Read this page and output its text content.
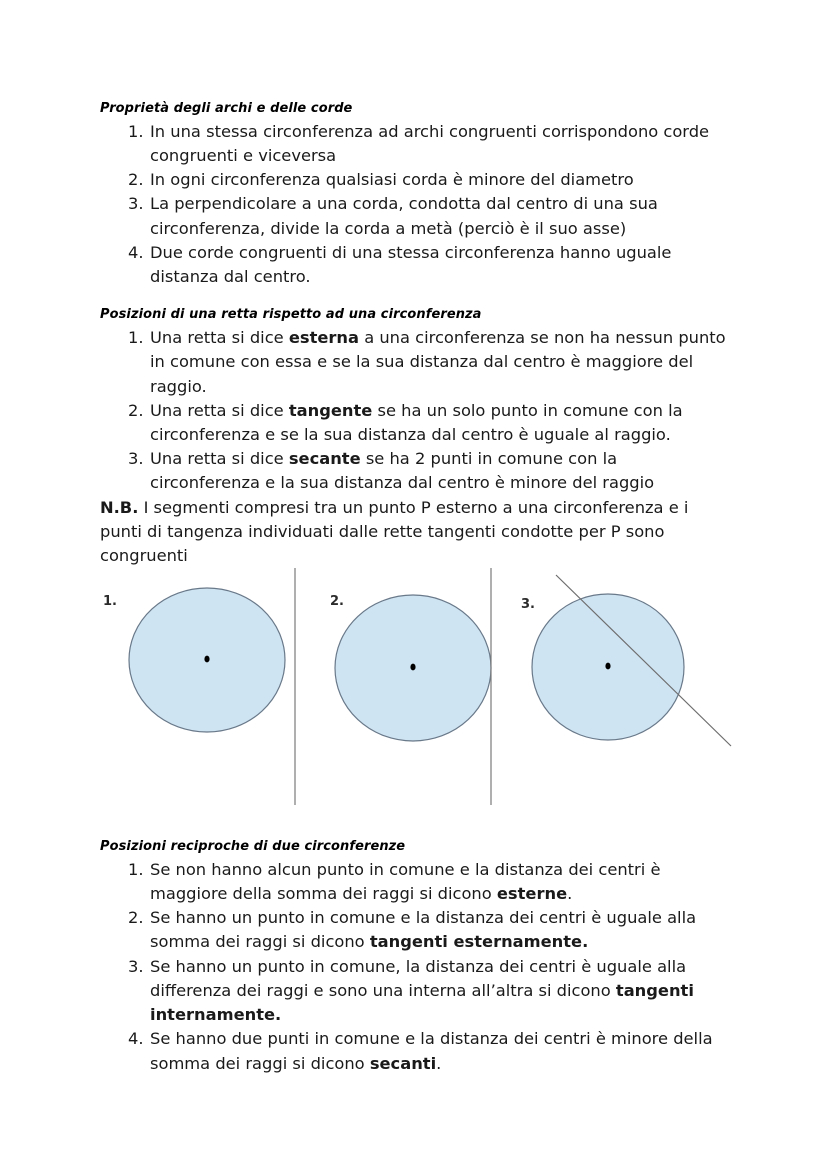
Proprietà degli archi e delle corde
1. In una stessa circonferenza ad archi congruenti corrispondono corde congruenti e viceversa
2. In ogni circonferenza qualsiasi corda è minore del diametro
3. La perpendicolare a una corda, condotta dal centro di una sua circonferenza, divide la corda a metà (perciò è il suo asse)
4. Due corde congruenti di una stessa circonferenza hanno uguale distanza dal centro.
Posizioni di una retta rispetto ad una circonferenza
1. Una retta si dice esterna a una circonferenza se non ha nessun punto in comune con essa e se la sua distanza dal centro è maggiore del raggio.
2. Una retta si dice tangente se ha un solo punto in comune con la circonferenza e se la sua distanza dal centro è uguale al raggio.
3. Una retta si dice secante se ha 2 punti in comune con la circonferenza e la sua distanza dal centro è minore del raggio

N.B. I segmenti compresi tra un punto P esterno a una circonferenza e i punti di tangenza individuati dalle rette tangenti condotte per P sono congruenti

1.	2.	3.
Posizioni reciproche di due circonferenze
1. Se non hanno alcun punto in comune e la distanza dei centri è maggiore della somma dei raggi si dicono esterne.
2. Se hanno un punto in comune e la distanza dei centri è uguale alla somma dei raggi si dicono tangenti esternamente.
3. Se hanno un punto in comune, la distanza dei centri è uguale alla differenza dei raggi e sono una interna all’altra si dicono tangenti internamente.
4. Se hanno due punti in comune e la distanza dei centri è minore della somma dei raggi si dicono secanti.
